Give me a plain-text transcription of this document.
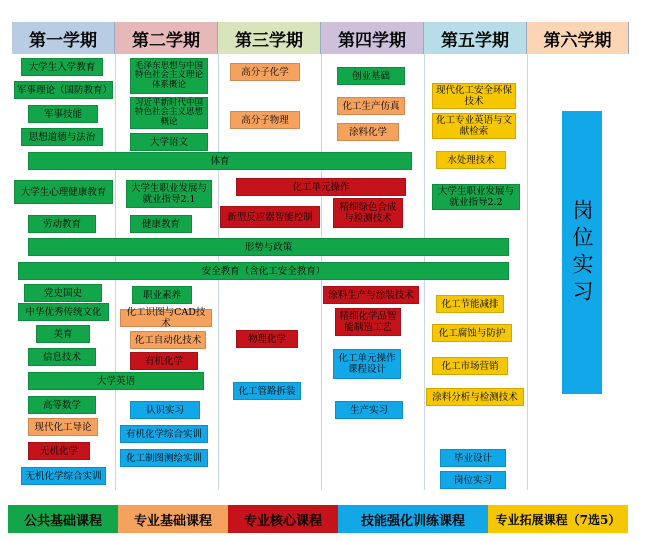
第一学期	第二学期	第三学期	第四学期	第五学期	第六学期
大学生入学教育
军事理论（国防教育）
军事技能
思想道德与法治
大学生心理健康教育
劳动教育
党史国史
中华优秀传统文化
美育
信息技术
高等数学
现代化工导论
无机化学
无机化学综合实训
毛泽东思想与中国特色社会主义理论体系概论
习近平新时代中国特色社会主义思想概论
大学语文
大学生职业发展与就业指导2.1
健康教育
职业素养
化工识图与CAD技术
化工自动化技术
有机化学
认识实习
有机化学综合实训
化工制图测绘实训
高分子化学
高分子物理
新型反应器智能控制
物理化学
化工管路拆装
创业基础
化工生产仿真
涂料化学
精细绿色合成与检测技术
涂料生产与涂装技术
精细化学品智能制造工艺
化工单元操作课程设计
生产实习
现代化工安全环保技术
化工专业英语与文献检索
水处理技术
大学生职业发展与就业指导2.2
化工节能减排
化工腐蚀与防护
化工市场营销
涂料分析与检测技术
毕业设计
岗位实习
体育
化工单元操作
形势与政策
安全教育（含化工安全教育）
大学英语
岗位实习
公共基础课程	专业基础课程	专业核心课程	技能强化训练课程	专业拓展课程（7选5）
